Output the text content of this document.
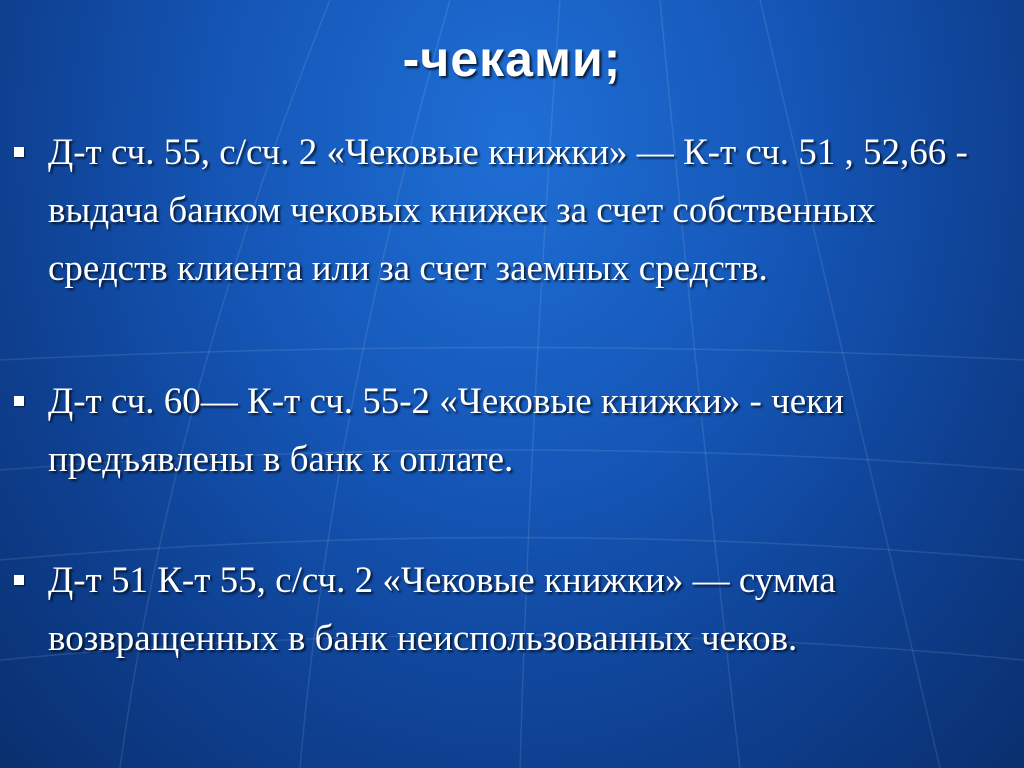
-чеками;
Д-т сч. 55, с/сч. 2 «Чековые книжки» — К-т сч. 51 , 52,66 - выдача банком чековых книжек за счет собственных средств клиента или за счет заемных средств.
Д-т сч. 60— К-т сч. 55-2 «Чековые книжки» - чеки предъявлены в банк к оплате.
Д-т 51 К-т 55, с/сч. 2 «Чековые книжки» — сумма возвращенных в банк неиспользованных чеков.
